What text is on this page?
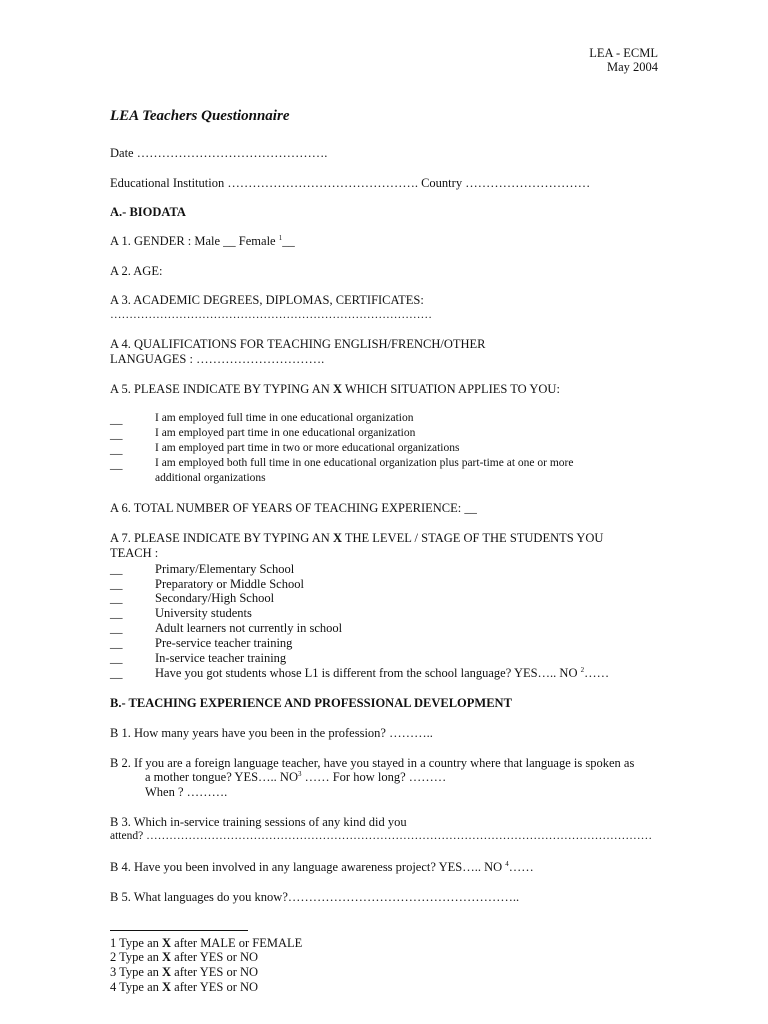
LEA - ECML
May 2004
LEA Teachers Questionnaire
Date ……………………………………….
Educational Institution ………………………………………. Country …………………………
A.- BIODATA
A 1. GENDER : Male __ Female $^1$__
A 2. AGE:
A 3. ACADEMIC DEGREES, DIPLOMAS, CERTIFICATES:
…………………………………………………………………………
A 4. QUALIFICATIONS FOR TEACHING ENGLISH/FRENCH/OTHER
LANGUAGES : ………………………….
A 5. PLEASE INDICATE BY TYPING AN X WHICH SITUATION APPLIES TO YOU:
__	I am employed full time in one educational organization
__	I am employed part time in one educational organization
__	I am employed part time in two or more educational organizations
__	I am employed both full time in one educational organization plus part-time at one or more
additional organizations
A 6. TOTAL NUMBER OF YEARS OF TEACHING EXPERIENCE: __
A 7. PLEASE INDICATE BY TYPING AN X THE LEVEL / STAGE OF THE STUDENTS YOU
TEACH :
__	Primary/Elementary School
__	Preparatory or Middle School
__	Secondary/High School
__	University students
__	Adult learners not currently in school
__	Pre-service teacher training
__	In-service teacher training
__	Have you got students whose L1 is different from the school language? YES….. NO $^2$……
B.- TEACHING EXPERIENCE AND PROFESSIONAL DEVELOPMENT
B 1. How many years have you been in the profession? ………..
B 2. If you are a foreign language teacher, have you stayed in a country where that language is spoken as
a mother tongue? YES….. $NO^3$ …… For how long? ………
When ? ……….
B 3. Which in-service training sessions of any kind did you
attend? ……………………………………………………………………………………………………………………
B 4. Have you been involved in any language awareness project? YES….. NO $^4$……
B 5. What languages do you know?………………………………………………..
1 Type an X after MALE or FEMALE
2 Type an X after YES or NO
3 Type an X after YES or NO
4 Type an X after YES or NO
